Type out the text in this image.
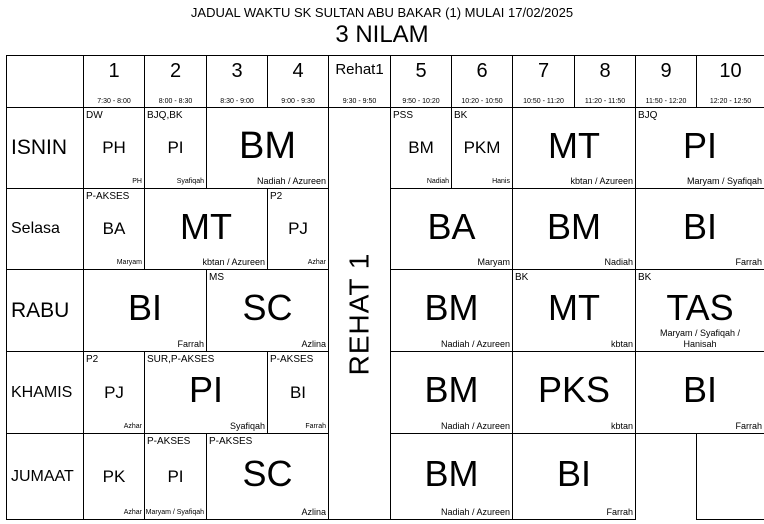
JADUAL WAKTU SK SULTAN ABU BAKAR (1) MULAI 17/02/2025
3 NILAM
1
7:30 - 8:00
2
8:00 - 8:30
3
8:30 - 9:00
4
9:00 - 9:30
Rehat1
9:30 - 9:50
5
9:50 - 10:20
6
10:20 - 10:50
7
10:50 - 11:20
8
11:20 - 11:50
9
11:50 - 12:20
10
12:20 - 12:50
ISNIN
DW
PH
PH
BJQ,BK
PI
Syafiqah
BM
Nadiah / Azureen
PSS
BM
Nadiah
BK
PKM
Hanis
MT
kbtan / Azureen
BJQ
PI
Maryam / Syafiqah
Selasa
P-AKSES
BA
Maryam
MT
kbtan / Azureen
P2
PJ
Azhar
BA
Maryam
BM
Nadiah
BI
Farrah
RABU	BI
Farrah
MS
SC
Azlina
BM
Nadiah / Azureen
BK
MT
kbtan
BK
TAS
Maryam / Syafiqah / Hanisah
KHAMIS
P2
PJ
Azhar
SUR,P-AKSES
PI
Syafiqah
P-AKSES
BI
Farrah
BM
Nadiah / Azureen
PKS
kbtan
BI
Farrah
JUMAAT	PK
Azhar
P-AKSES
PI
Maryam / Syafiqah
P-AKSES
SC
Azlina
BM
Nadiah / Azureen
BI
Farrah
REHAT 1
